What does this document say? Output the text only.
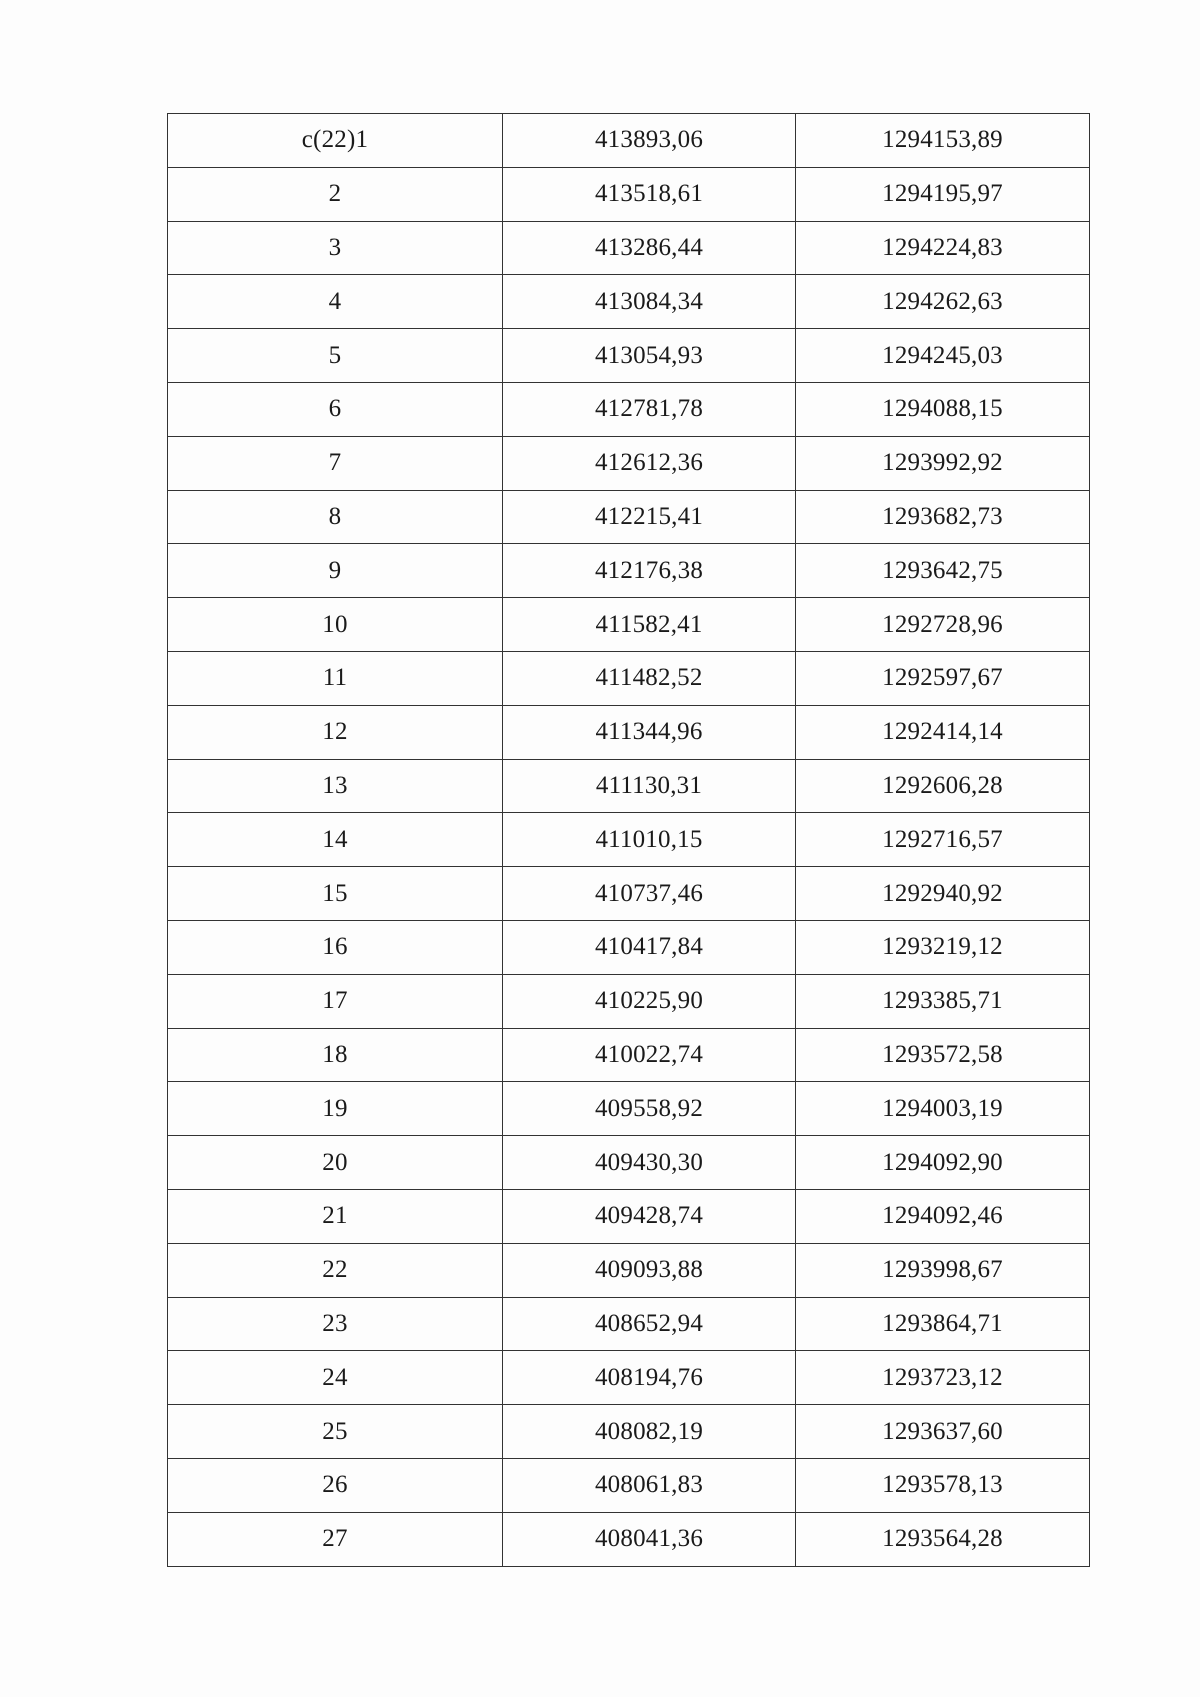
c(22)1	413893,06	1294153,89
2	413518,61	1294195,97
3	413286,44	1294224,83
4	413084,34	1294262,63
5	413054,93	1294245,03
6	412781,78	1294088,15
7	412612,36	1293992,92
8	412215,41	1293682,73
9	412176,38	1293642,75
10	411582,41	1292728,96
11	411482,52	1292597,67
12	411344,96	1292414,14
13	411130,31	1292606,28
14	411010,15	1292716,57
15	410737,46	1292940,92
16	410417,84	1293219,12
17	410225,90	1293385,71
18	410022,74	1293572,58
19	409558,92	1294003,19
20	409430,30	1294092,90
21	409428,74	1294092,46
22	409093,88	1293998,67
23	408652,94	1293864,71
24	408194,76	1293723,12
25	408082,19	1293637,60
26	408061,83	1293578,13
27	408041,36	1293564,28
